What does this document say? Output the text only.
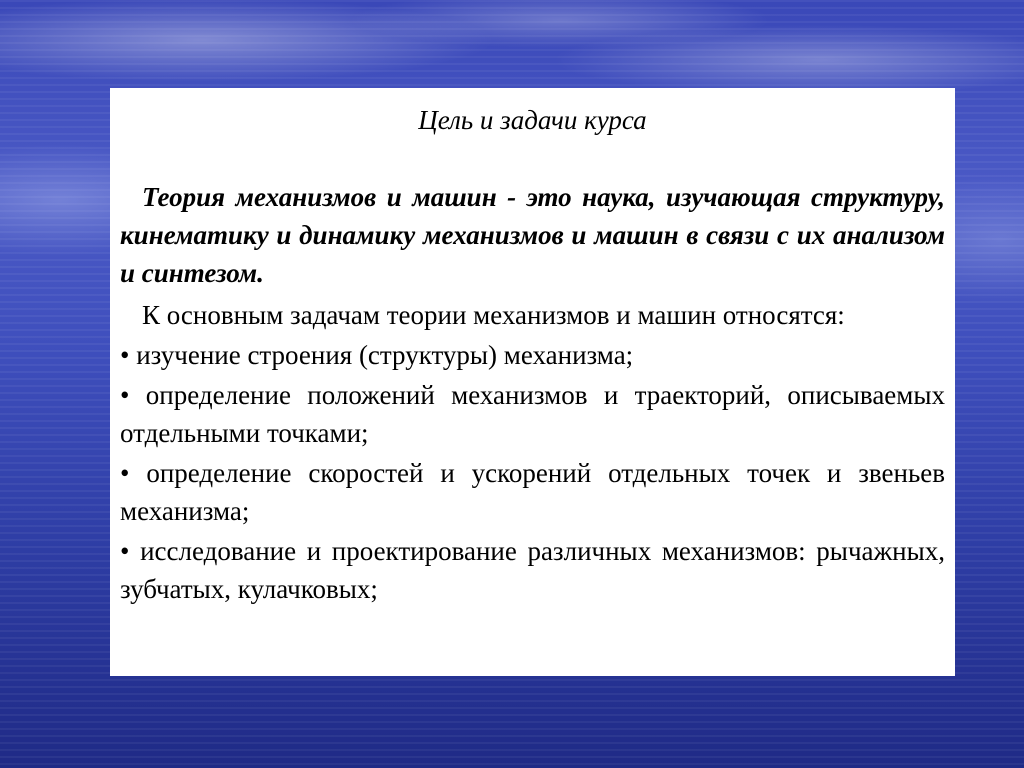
Цель и задачи курса

Теория механизмов и машин - это наука, изучающая структуру, кинематику и динамику механизмов и машин в связи с их анализом и синтезом.

К основным задачам теории механизмов и машин относятся:

• изучение строения (структуры) механизма;

• определение положений механизмов и траекторий, описываемых отдельными точками;

• определение скоростей и ускорений отдельных точек и звеньев механизма;

• исследование и проектирование различных механизмов: рычажных, зубчатых, кулачковых;
